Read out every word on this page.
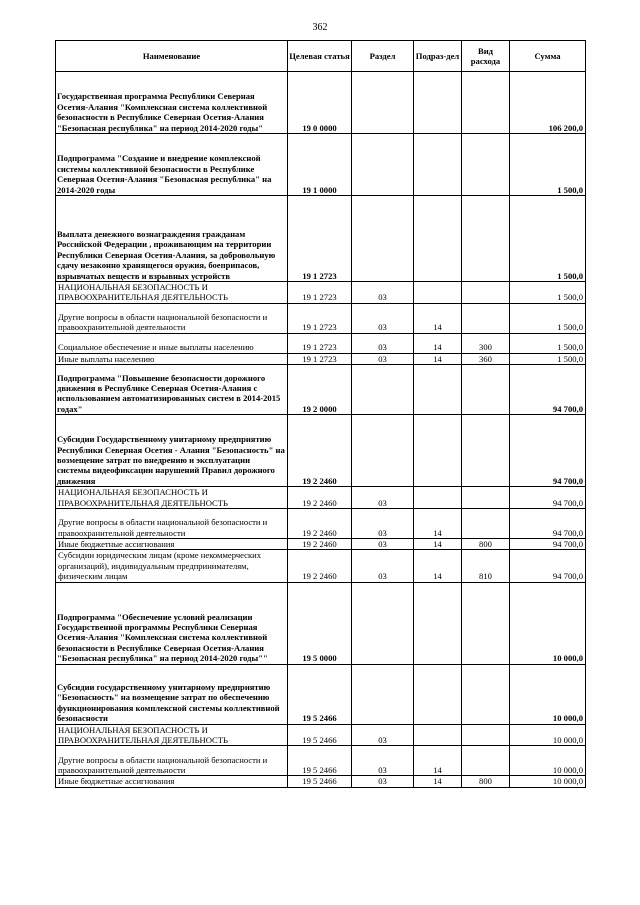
362
Наименование	Целевая статья	Раздел	Подраз-дел	Вид расхода	Сумма
Государственная программа Республики Северная Осетия-Алания "Комплексная система коллективной безопасности в Республике Северная Осетия-Алания "Безопасная республика" на период 2014-2020 годы"	19 0 0000				106 200,0
Подпрограмма "Создание и внедрение комплексной системы коллективной безопасности в Республике Северная Осетия-Алания "Безопасная республика" на 2014-2020 годы	19 1 0000				1 500,0
Выплата денежного вознаграждения гражданам Российской Федерации , проживающим на территории Республики Северная Осетия-Алания, за добровольную сдачу незаконно хранящегося оружия, боеприпасов, взрывчатых веществ и взрывных устройств	19 1 2723				1 500,0
НАЦИОНАЛЬНАЯ БЕЗОПАСНОСТЬ И ПРАВООХРАНИТЕЛЬНАЯ ДЕЯТЕЛЬНОСТЬ	19 1 2723	03			1 500,0
Другие вопросы в области национальной безопасности и правоохранительной деятельности	19 1 2723	03	14		1 500,0
Социальное обеспечение и иные выплаты населению	19 1 2723	03	14	300	1 500,0
Иные выплаты населению	19 1 2723	03	14	360	1 500,0
Подпрограмма "Повышение безопасности дорожного движения в Республике Северная Осетия-Алания с использованием автоматизированных систем в 2014-2015 годах"	19 2 0000				94 700,0
Субсидии Государственному унитарному предприятию Республики Северная Осетия - Алания "Безопасность" на возмещение затрат по внедрению и эксплуатации системы видеофиксации нарушений Правил дорожного движения	19 2 2460				94 700,0
НАЦИОНАЛЬНАЯ БЕЗОПАСНОСТЬ И ПРАВООХРАНИТЕЛЬНАЯ ДЕЯТЕЛЬНОСТЬ	19 2 2460	03			94 700,0
Другие вопросы в области национальной безопасности и правоохранительной деятельности	19 2 2460	03	14		94 700,0
Иные бюджетные ассигнования	19 2 2460	03	14	800	94 700,0
Субсидии юридическим лицам (кроме некоммерческих организаций), индивидуальным предпринимателям, физическим лицам	19 2 2460	03	14	810	94 700,0
Подпрограмма "Обеспечение условий реализации Государственной программы Республики Северная Осетия-Алания "Комплексная система коллективной безопасности в Республике Северная Осетия-Алания "Безопасная республика" на период 2014-2020 годы""	19 5 0000				10 000,0
Субсидии государственному унитарному предприятию "Безопасность" на возмещение затрат по обеспечению функционирования комплексной системы коллективной безопасности	19 5 2466				10 000,0
НАЦИОНАЛЬНАЯ БЕЗОПАСНОСТЬ И ПРАВООХРАНИТЕЛЬНАЯ ДЕЯТЕЛЬНОСТЬ	19 5 2466	03			10 000,0
Другие вопросы в области национальной безопасности и правоохранительной деятельности	19 5 2466	03	14		10 000,0
Иные бюджетные ассигнования	19 5 2466	03	14	800	10 000,0
